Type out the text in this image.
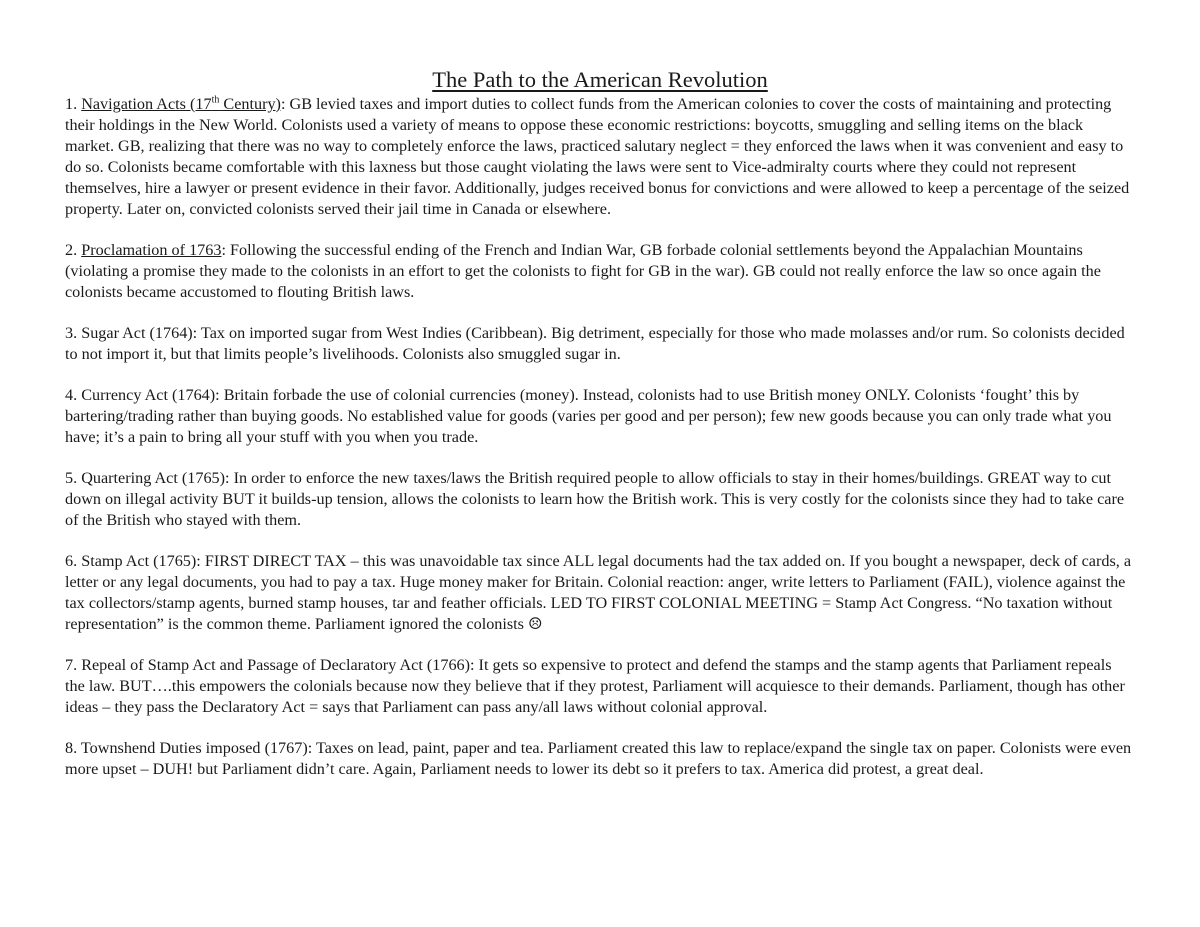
The Path to the American Revolution

1. Navigation Acts (17th Century): GB levied taxes and import duties to collect funds from the American colonies to cover the costs of maintaining and protecting their holdings in the New World. Colonists used a variety of means to oppose these economic restrictions: boycotts, smuggling and selling items on the black market. GB, realizing that there was no way to completely enforce the laws, practiced salutary neglect = they enforced the laws when it was convenient and easy to do so. Colonists became comfortable with this laxness but those caught violating the laws were sent to Vice-admiralty courts where they could not represent themselves, hire a lawyer or present evidence in their favor. Additionally, judges received bonus for convictions and were allowed to keep a percentage of the seized property. Later on, convicted colonists served their jail time in Canada or elsewhere.

2. Proclamation of 1763: Following the successful ending of the French and Indian War, GB forbade colonial settlements beyond the Appalachian Mountains (violating a promise they made to the colonists in an effort to get the colonists to fight for GB in the war). GB could not really enforce the law so once again the colonists became accustomed to flouting British laws.

3. Sugar Act (1764): Tax on imported sugar from West Indies (Caribbean). Big detriment, especially for those who made molasses and/or rum. So colonists decided to not import it, but that limits people’s livelihoods. Colonists also smuggled sugar in.

4. Currency Act (1764): Britain forbade the use of colonial currencies (money). Instead, colonists had to use British money ONLY. Colonists ‘fought’ this by bartering/trading rather than buying goods. No established value for goods (varies per good and per person); few new goods because you can only trade what you have; it’s a pain to bring all your stuff with you when you trade.

5. Quartering Act (1765): In order to enforce the new taxes/laws the British required people to allow officials to stay in their homes/buildings. GREAT way to cut down on illegal activity BUT it builds-up tension, allows the colonists to learn how the British work. This is very costly for the colonists since they had to take care of the British who stayed with them.

6. Stamp Act (1765): FIRST DIRECT TAX – this was unavoidable tax since ALL legal documents had the tax added on. If you bought a newspaper, deck of cards, a letter or any legal documents, you had to pay a tax. Huge money maker for Britain. Colonial reaction: anger, write letters to Parliament (FAIL), violence against the tax collectors/stamp agents, burned stamp houses, tar and feather officials. LED TO FIRST COLONIAL MEETING = Stamp Act Congress. “No taxation without representation” is the common theme. Parliament ignored the colonists ☹

7. Repeal of Stamp Act and Passage of Declaratory Act (1766): It gets so expensive to protect and defend the stamps and the stamp agents that Parliament repeals the law. BUT….this empowers the colonials because now they believe that if they protest, Parliament will acquiesce to their demands. Parliament, though has other ideas – they pass the Declaratory Act = says that Parliament can pass any/all laws without colonial approval.

8. Townshend Duties imposed (1767): Taxes on lead, paint, paper and tea. Parliament created this law to replace/expand the single tax on paper. Colonists were even more upset – DUH! but Parliament didn’t care. Again, Parliament needs to lower its debt so it prefers to tax. America did protest, a great deal.
